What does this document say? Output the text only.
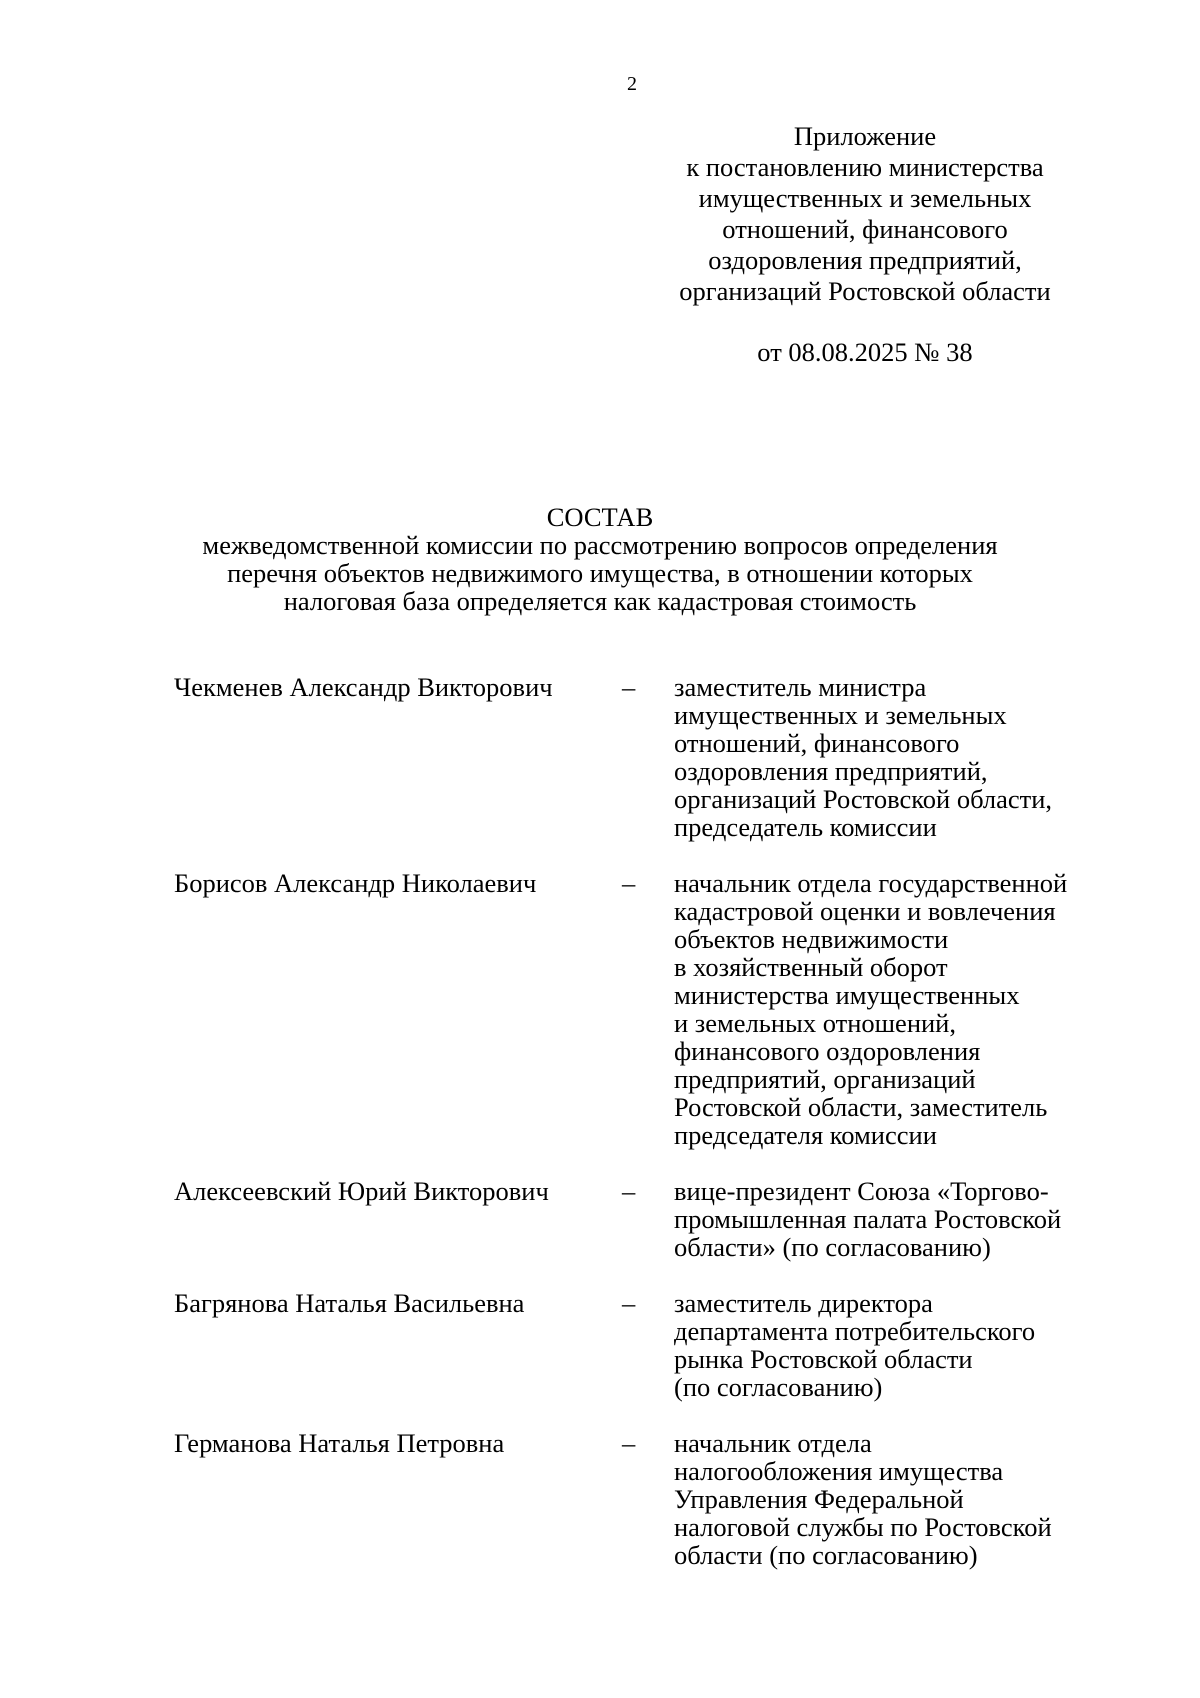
2
Приложение
к постановлению министерства
имущественных и земельных
отношений, финансового
оздоровления предприятий,
организаций Ростовской области
от 08.08.2025 № 38
СОСТАВ
межведомственной комиссии по рассмотрению вопросов определения
перечня объектов недвижимого имущества, в отношении которых
налоговая база определяется как кадастровая стоимость
Чекменев Александр Викторович	–	заместитель министра
имущественных и земельных
отношений, финансового
оздоровления предприятий,
организаций Ростовской области,
председатель комиссии
Борисов Александр Николаевич	–	начальник отдела государственной
кадастровой оценки и вовлечения
объектов недвижимости
в хозяйственный оборот
министерства имущественных
и земельных отношений,
финансового оздоровления
предприятий, организаций
Ростовской области, заместитель
председателя комиссии
Алексеевский Юрий Викторович	–	вице-президент Союза «Торгово-
промышленная палата Ростовской
области» (по согласованию)
Багрянова Наталья Васильевна	–	заместитель директора
департамента потребительского
рынка Ростовской области
(по согласованию)
Германова Наталья Петровна	–	начальник отдела
налогообложения имущества
Управления Федеральной
налоговой службы по Ростовской
области (по согласованию)
